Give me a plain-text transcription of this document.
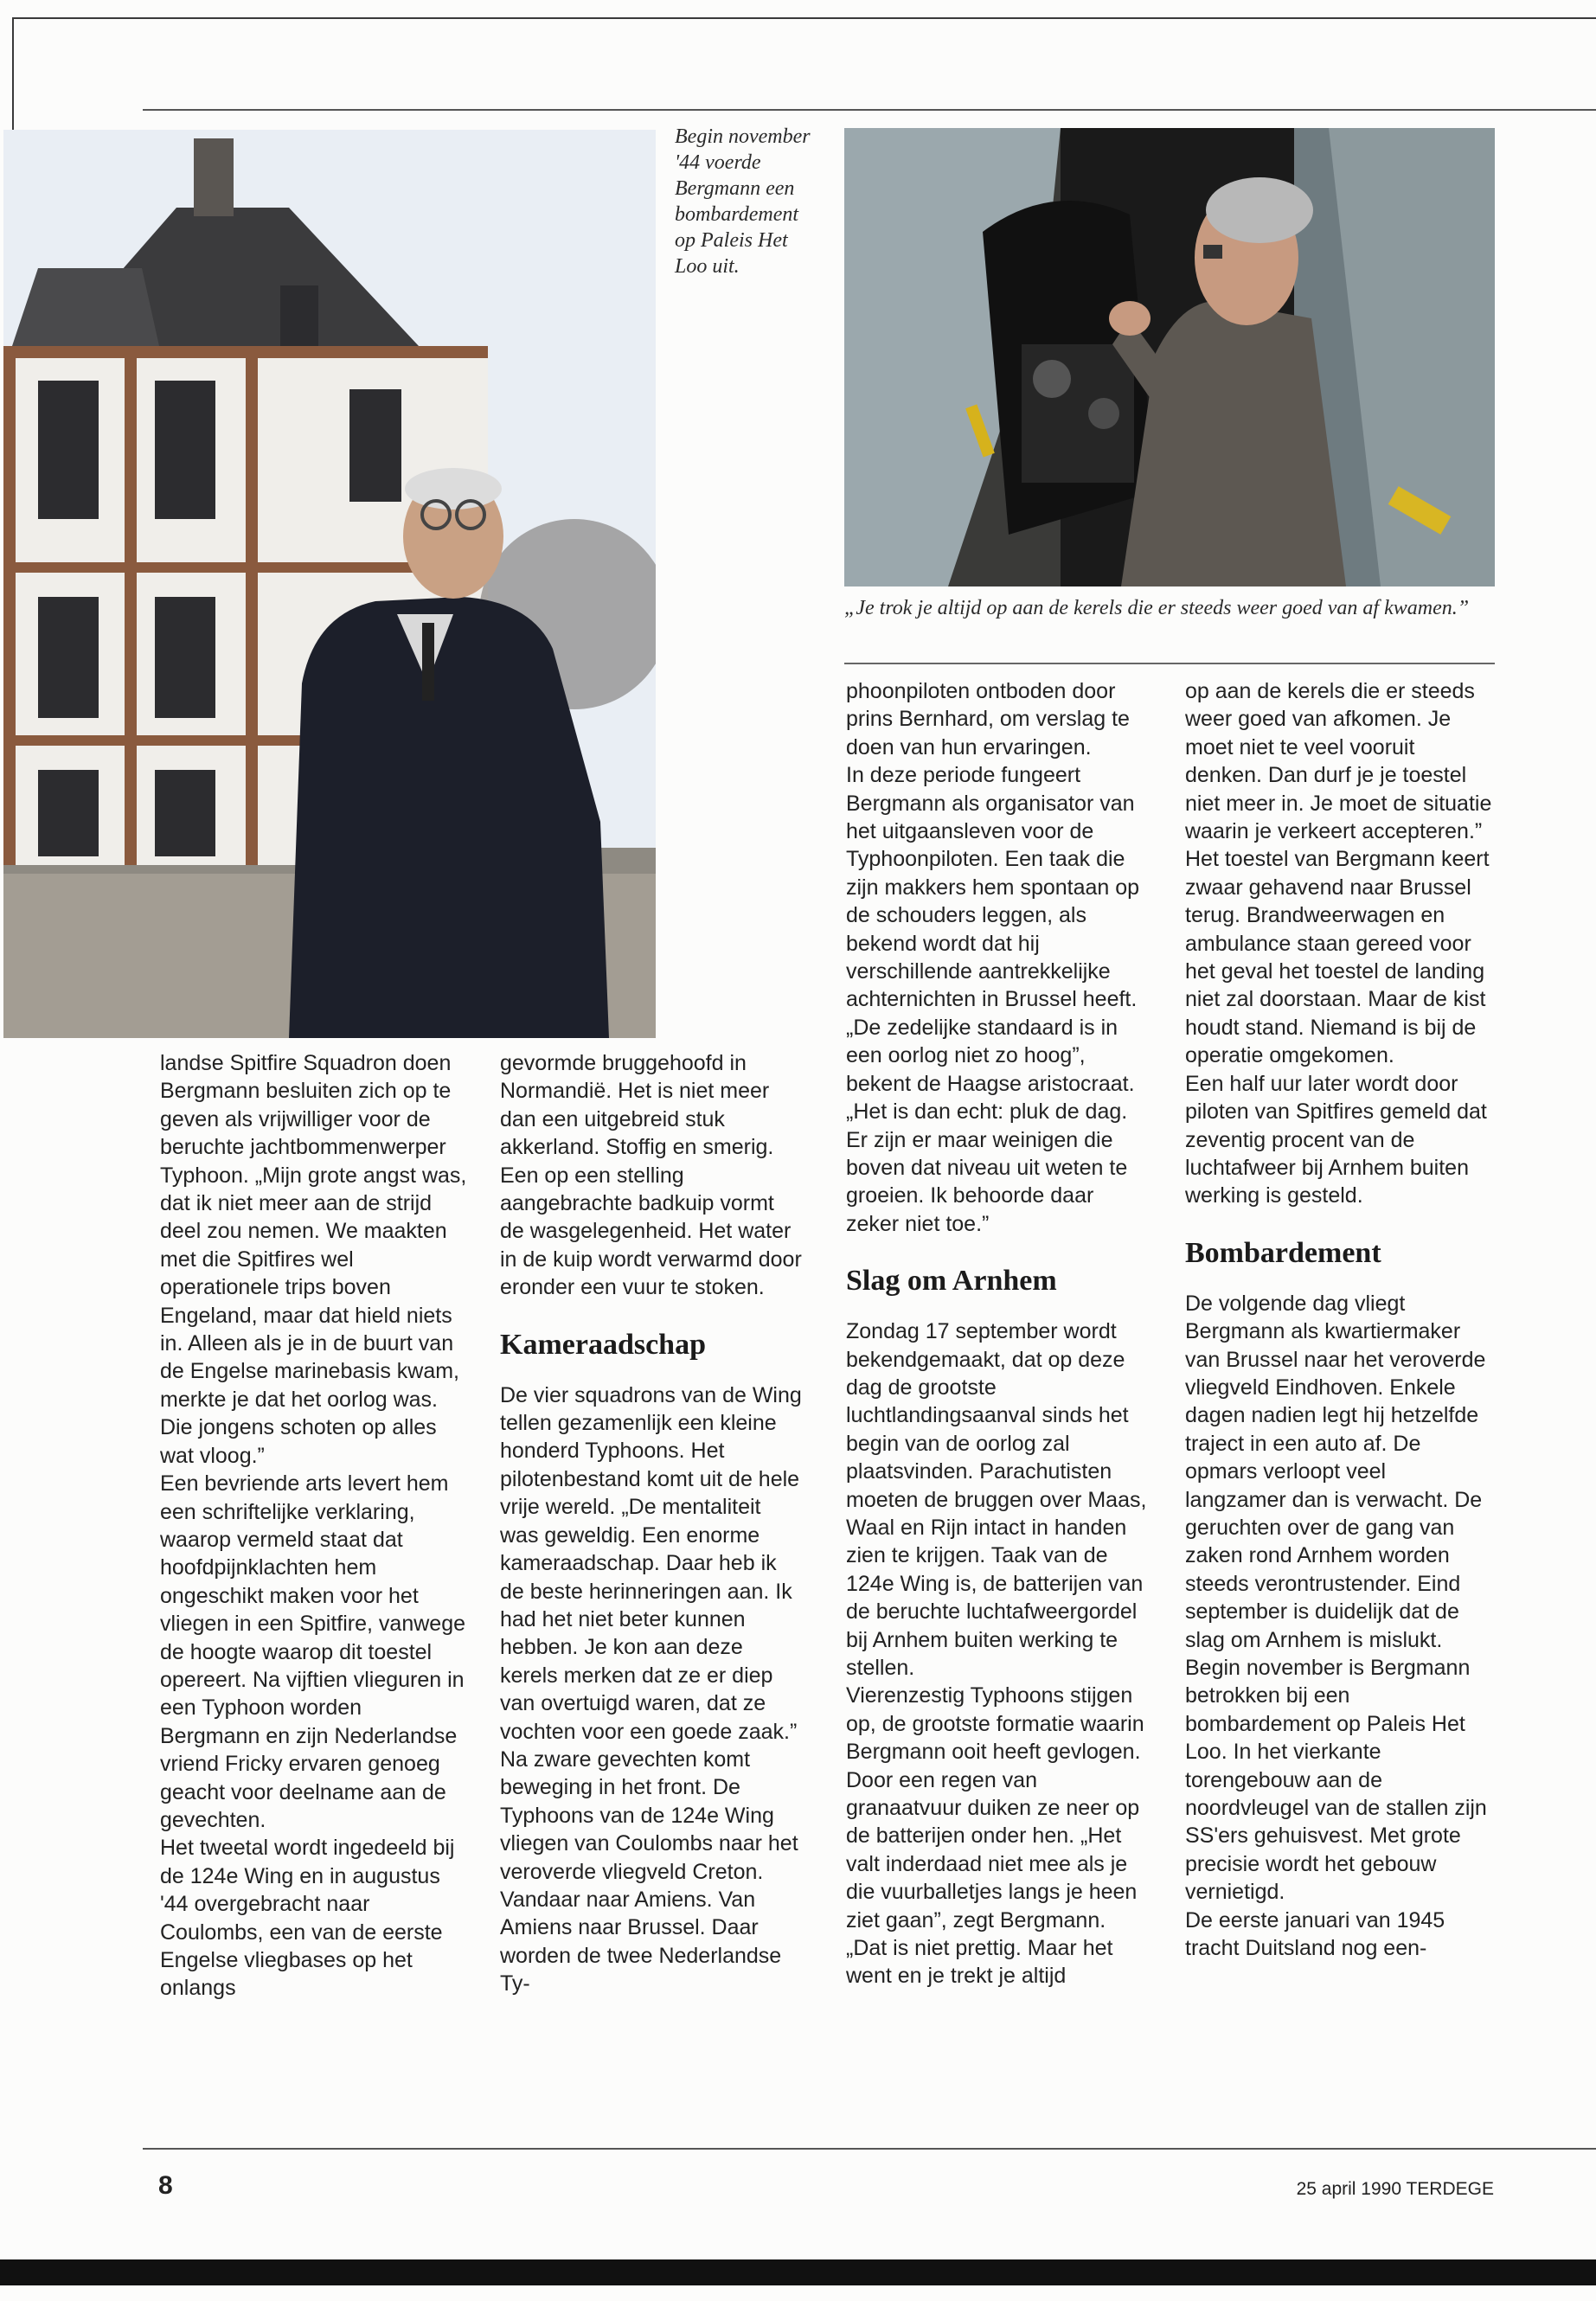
Begin november '44 voerde Bergmann een bombardement op Paleis Het Loo uit.

„Je trok je altijd op aan de kerels die er steeds weer goed van af kwamen.”

landse Spitfire Squadron doen Bergmann besluiten zich op te geven als vrijwilliger voor de beruchte jachtbommenwerper Typhoon. „Mijn grote angst was, dat ik niet meer aan de strijd deel zou nemen. We maakten met die Spitfires wel operationele trips boven Engeland, maar dat hield niets in. Alleen als je in de buurt van de Engelse marinebasis kwam, merkte je dat het oorlog was. Die jongens schoten op alles wat vloog.”

Een bevriende arts levert hem een schriftelijke verklaring, waarop vermeld staat dat hoofdpijnklachten hem ongeschikt maken voor het vliegen in een Spitfire, vanwege de hoogte waarop dit toestel opereert. Na vijftien vlieguren in een Typhoon worden Bergmann en zijn Nederlandse vriend Fricky ervaren genoeg geacht voor deelname aan de gevechten.

Het tweetal wordt ingedeeld bij de 124e Wing en in augustus '44 overgebracht naar Coulombs, een van de eerste Engelse vliegbases op het onlangs

gevormde bruggehoofd in Normandië. Het is niet meer dan een uitgebreid stuk akkerland. Stoffig en smerig. Een op een stelling aangebrachte badkuip vormt de wasgelegenheid. Het water in de kuip wordt verwarmd door eronder een vuur te stoken.

Kameraadschap

De vier squadrons van de Wing tellen gezamenlijk een kleine honderd Typhoons. Het pilotenbestand komt uit de hele vrije wereld. „De mentaliteit was geweldig. Een enorme kameraadschap. Daar heb ik de beste herinneringen aan. Ik had het niet beter kunnen hebben. Je kon aan deze kerels merken dat ze er diep van overtuigd waren, dat ze vochten voor een goede zaak.”

Na zware gevechten komt beweging in het front. De Typhoons van de 124e Wing vliegen van Coulombs naar het veroverde vliegveld Creton. Vandaar naar Amiens. Van Amiens naar Brussel. Daar worden de twee Nederlandse Ty-

phoonpiloten ontboden door prins Bernhard, om verslag te doen van hun ervaringen.

In deze periode fungeert Bergmann als organisator van het uitgaansleven voor de Typhoonpiloten. Een taak die zijn makkers hem spontaan op de schouders leggen, als bekend wordt dat hij verschillende aantrekkelijke achternichten in Brussel heeft. „De zedelijke standaard is in een oorlog niet zo hoog”, bekent de Haagse aristocraat. „Het is dan echt: pluk de dag. Er zijn er maar weinigen die boven dat niveau uit weten te groeien. Ik behoorde daar zeker niet toe.”

Slag om Arnhem

Zondag 17 september wordt bekendgemaakt, dat op deze dag de grootste luchtlandingsaanval sinds het begin van de oorlog zal plaatsvinden. Parachutisten moeten de bruggen over Maas, Waal en Rijn intact in handen zien te krijgen. Taak van de 124e Wing is, de batterijen van de beruchte luchtafweergordel bij Arnhem buiten werking te stellen.

Vierenzestig Typhoons stijgen op, de grootste formatie waarin Bergmann ooit heeft gevlogen. Door een regen van granaatvuur duiken ze neer op de batterijen onder hen. „Het valt inderdaad niet mee als je die vuurballetjes langs je heen ziet gaan”, zegt Bergmann. „Dat is niet prettig. Maar het went en je trekt je altijd

op aan de kerels die er steeds weer goed van afkomen. Je moet niet te veel vooruit denken. Dan durf je je toestel niet meer in. Je moet de situatie waarin je verkeert accepteren.”

Het toestel van Bergmann keert zwaar gehavend naar Brussel terug. Brandweerwagen en ambulance staan gereed voor het geval het toestel de landing niet zal doorstaan. Maar de kist houdt stand. Niemand is bij de operatie omgekomen.

Een half uur later wordt door piloten van Spitfires gemeld dat zeventig procent van de luchtafweer bij Arnhem buiten werking is gesteld.

Bombardement

De volgende dag vliegt Bergmann als kwartiermaker van Brussel naar het veroverde vliegveld Eindhoven. Enkele dagen nadien legt hij hetzelfde traject in een auto af. De opmars verloopt veel langzamer dan is verwacht. De geruchten over de gang van zaken rond Arnhem worden steeds verontrustender. Eind september is duidelijk dat de slag om Arnhem is mislukt.

Begin november is Bergmann betrokken bij een bombardement op Paleis Het Loo. In het vierkante torengebouw aan de noordvleugel van de stallen zijn SS'ers gehuisvest. Met grote precisie wordt het gebouw vernietigd.

De eerste januari van 1945 tracht Duitsland nog een-

8	25 april 1990 TERDEGE
